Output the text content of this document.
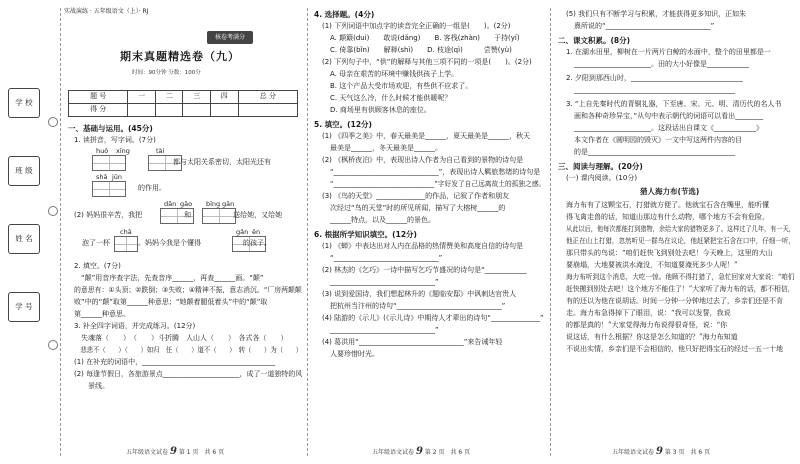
学 校
班 级
姓 名
学 号
实战演练 · 五年级语文（上）· RJ
核卷考满分
期末真题精选卷（九）
时间：90分钟 分数：100分
题 号	一	二	三	四	总 分
得 分					
一、基础与运用。(45分)
1. 读拼音，写字词。(7分)
huǒ xīng	tài
　　　　　　　　　　　　　都与太阳关系密切，太阳光还有
shā jūn
　　　　　　　　的作用。
dān gāo bīng gān
(2) 妈妈很辛苦，我把　　　　　　和　　　　　　送给她，又给她
chā	gǎn ēn
泡了一杯　　　　。妈妈今我是个懂得　　　　　　的孩子。
2. 填空。(7分)
　“颠”用音序查字法，先查音序______，再查______画。“颠”
的意思有：①头顶；②跌倒；③失败；④精神不振，意志消沉。“厂房两颠颠
败”中的“颠”取第______种意思；“她颠着腿低着头”中的“颠”取
第______种意思。
3. 补全四字词语，并完成练习。(12分)
　失魂落（　　）　（　　）斗折腾　人山人（　　）　各式各（　　）
　悲悲不（　　）（　　）如归　任（　　）道不（　　）　转（　　）为（　　）
(1) 在补充的词语中，______________________________________
(2) 每逢节假日，各旅游景点______________________，成了一道独特的风
景线。
五年级语文试卷 9 第 1 页　共 6 页
4. 选择题。(4分)
(1) 下列词语中加点字的读音完全正确的一组是(　　)。(2分)
A. 颠簸(duì)　　敢说(dǎng)　　B. 客栈(zhàn)　　于持(yí)
C. 倚靠(bǐn)　　解释(shì)　　D. 枝途(qì)　　　尝赞(yù)
(2) 下列句子中，“供”的解释与其他三项不同的一项是(　　)。(2分)
A. 母亲在艰苦的环境中赚钱供孩子上学。
B. 这个产品大受市场欢迎，有些供不应求了。
C. 天气这么冷，什么时候才能供暖呢？
D. 商场里有供顾客休息的座位。
5. 填空。(12分)
(1) 《四季之美》中，春天最美是______，夏天最美是______，秋天
最美是______，冬天最美是______。
(2) 《枫桥夜泊》中，表现出诗人作者为自己看到的景物的诗句是
“______________________________”，表现出诗人羁旅愁绪的诗句是
“______________________________”字好发了自己远离故土的孤独之感。
(3) 《鸟的天堂》______________的作品，记叙了作者和朋友
次经过“鸟的天堂”时的所见所闻，描写了大榕树______的
______特点，以及______的景色。
6. 根据所学知识填空。(12分)
(1) 《蝉》中表达出对人内在品格的热情赞美和高度自信的诗句是
“______________________________”
(2) 林杰的《乞巧》一诗中描写乞巧节盛况的诗句是“____________
______________________________”
(3) 说到爱国诗，我们想起林升的《题临安邸》中讽刺达官贵人
把杭州当汴州的诗句“______________________________”
(4) 陆游的《示儿》(《示儿诗》中期待人才辈出的诗句“______________”
______________________________”
(4) 葛洪用“______________________________”来告诫年轻
人要珍惜时光。
五年级语文试卷 9 第 2 页　共 6 页
(5) 我们只有不断学习与积累，才能获得更多知识，正如朱
熹所说的“______________________________”
二、课文积累。(8分)
1. 在湖水田里，柳树在一片两片白鲸的水面中，整个的田里都是一
______________________。田的大小好像是____________
2. 夕阳到那西山时，________________________________
______________________________________________
3. “上自先秦时代的青铜礼器，下至唐、宋、元、明、清历代的名人书
画和各种奇珍异宝，”从句中表示朝代的词语可以看出________
______________________。这段话出自课文《____________》
本文作者在《圆明园的毁灭》一文中写这两件内容的目
的是__________________________________________
三、阅读与理解。(20分)
(一) 课内阅读。(10分)
猎人海力布(节选)
海力布有了这颗宝石，打猎就方便了。他就宝石含在嘴里，能听懂
得飞禽走兽的话，知道山那边有什么动物，哪个地方不会有危险，
从此以后，他每次都能打到猎物，余给大家的猎物更多了。这样过了几年，有一天，
他正在山上打猎，忽然听见一群鸟在议论，他赶紧把宝石含在口中，仔细一听，
那只带头的鸟说：“咱们赶快飞到别处去吧！今天晚上，这里的大山
要崩塌，大地要被洪水淹没，不知道要淹死多少人呢！”
海力布听到这个消息，大吃一惊。他顾不得打猎了，急忙回家对大家说：“咱们
赶快搬到别处去吧！这个地方不能住了！”大家听了海力布的话，都不相信，
有的还以为他在说胡话。时间一分钟一分钟地过去了，乡亲们还是不肯
走。海力布急得掉下了眼泪，说：“我可以发誓，我说
的都是真的！”大家觉得海力布说得很奇怪，说：“你
说这话，有什么根据？你这是怎么知道的？”海力布知道
不说出实情，乡亲们是不会相信的，他只好把得宝石的经过一五一十地
五年级语文试卷 9 第 3 页　共 6 页
